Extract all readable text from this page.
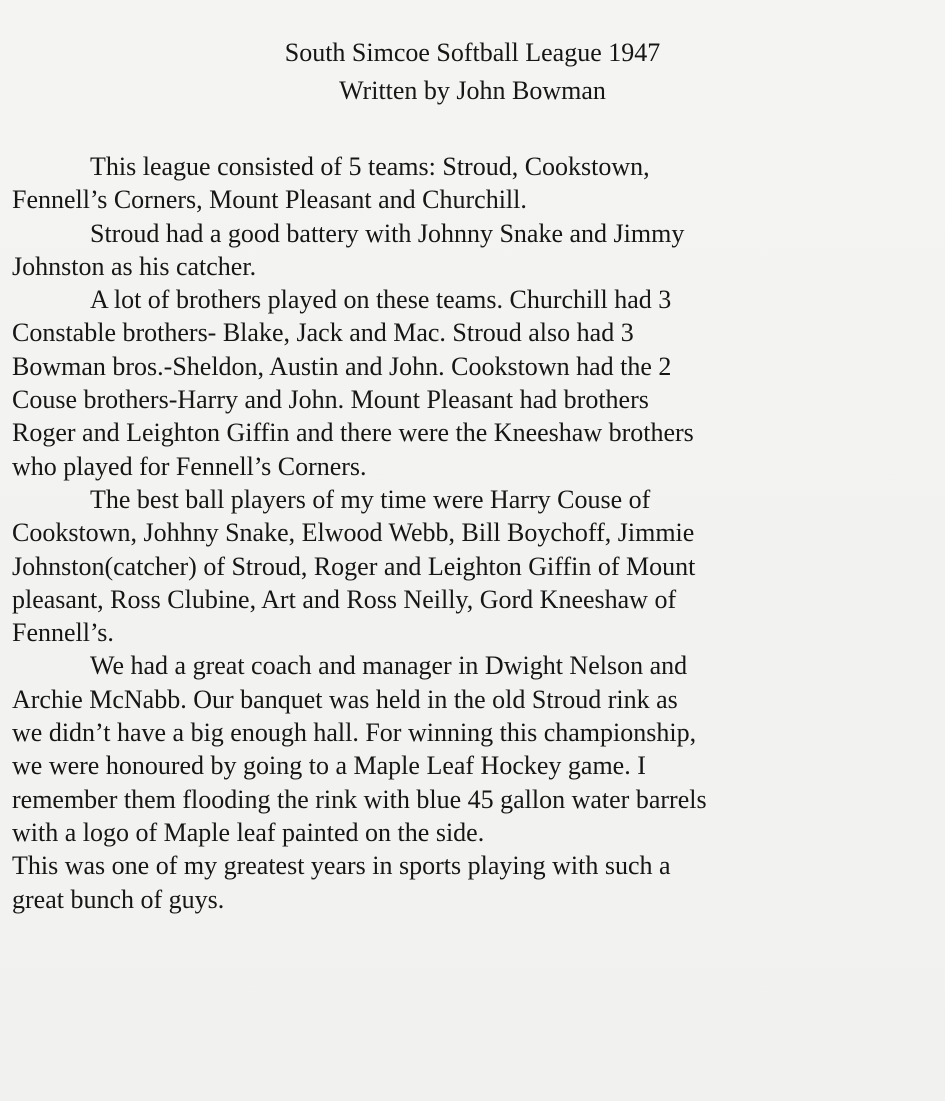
South Simcoe Softball League 1947
Written by John Bowman

This league consisted of 5 teams: Stroud, Cookstown,
Fennell’s Corners, Mount Pleasant and Churchill.

Stroud had a good battery with Johnny Snake and Jimmy
Johnston as his catcher.

A lot of brothers played on these teams. Churchill had 3
Constable brothers- Blake, Jack and Mac. Stroud also had 3
Bowman bros.-Sheldon, Austin and John. Cookstown had the 2
Couse brothers-Harry and John. Mount Pleasant had brothers
Roger and Leighton Giffin and there were the Kneeshaw brothers
who played for Fennell’s Corners.

The best ball players of my time were Harry Couse of
Cookstown, Johhny Snake, Elwood Webb, Bill Boychoff, Jimmie
Johnston(catcher) of Stroud, Roger and Leighton Giffin of Mount
pleasant, Ross Clubine, Art and Ross Neilly, Gord Kneeshaw of
Fennell’s.

We had a great coach and manager in Dwight Nelson and
Archie McNabb. Our banquet was held in the old Stroud rink as
we didn’t have a big enough hall. For winning this championship,
we were honoured by going to a Maple Leaf Hockey game. I
remember them flooding the rink with blue 45 gallon water barrels
with a logo of Maple leaf painted on the side.

This was one of my greatest years in sports playing with such a
great bunch of guys.
